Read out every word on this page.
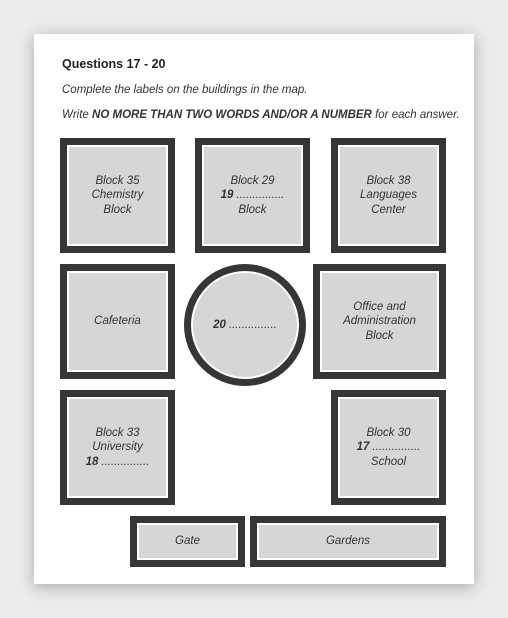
Questions 17 - 20
Complete the labels on the buildings in the map.
Write NO MORE THAN TWO WORDS AND/OR A NUMBER for each answer.
Block 35
Chemistry
Block
Block 29
19 ...............
Block
Block 38
Languages
Center
Cafeteria	20 ...............
Office and
Administration
Block
Block 33
University
18 ...............
Block 30
17 ...............
School
Gate	Gardens
